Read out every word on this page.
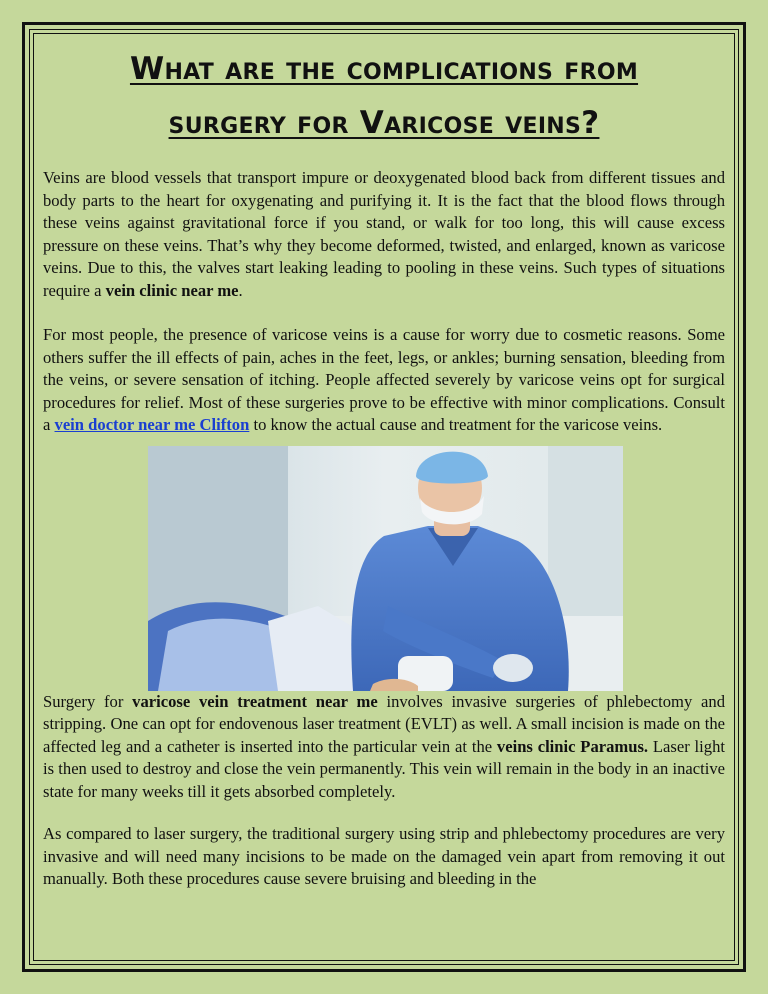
What are the complications from
surgery for Varicose veins?

Veins are blood vessels that transport impure or deoxygenated blood back from different tissues and body parts to the heart for oxygenating and purifying it. It is the fact that the blood flows through these veins against gravitational force if you stand, or walk for too long, this will cause excess pressure on these veins. That’s why they become deformed, twisted, and enlarged, known as varicose veins. Due to this, the valves start leaking leading to pooling in these veins. Such types of situations require a vein clinic near me.

For most people, the presence of varicose veins is a cause for worry due to cosmetic reasons. Some others suffer the ill effects of pain, aches in the feet, legs, or ankles; burning sensation, bleeding from the veins, or severe sensation of itching. People affected severely by varicose veins opt for surgical procedures for relief. Most of these surgeries prove to be effective with minor complications. Consult a vein doctor near me Clifton to know the actual cause and treatment for the varicose veins.

Surgery for varicose vein treatment near me involves invasive surgeries of phlebectomy and stripping. One can opt for endovenous laser treatment (EVLT) as well. A small incision is made on the affected leg and a catheter is inserted into the particular vein at the veins clinic Paramus. Laser light is then used to destroy and close the vein permanently. This vein will remain in the body in an inactive state for many weeks till it gets absorbed completely.

As compared to laser surgery, the traditional surgery using strip and phlebectomy procedures are very invasive and will need many incisions to be made on the damaged vein apart from removing it out manually. Both these procedures cause severe bruising and bleeding in the
